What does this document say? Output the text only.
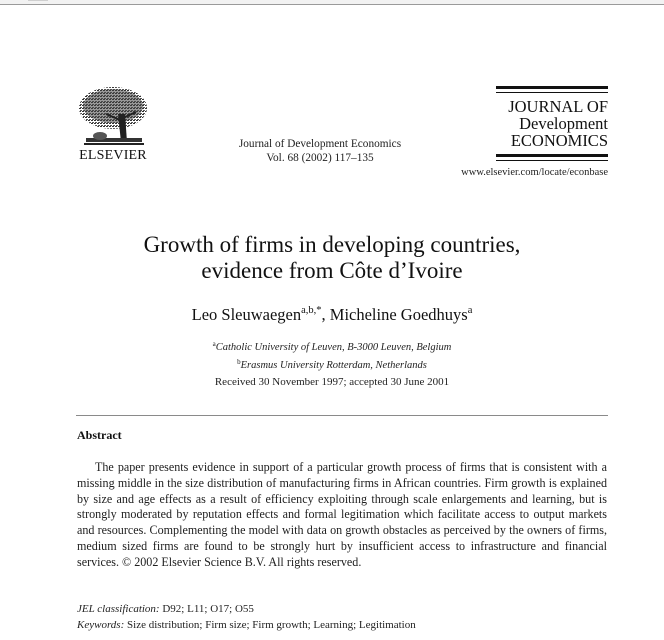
ELSEVIER
Journal of Development Economics
Vol. 68 (2002) 117–135
JOURNAL OF
Development
ECONOMICS
www.elsevier.com/locate/econbase
Growth of firms in developing countries,
evidence from Côte d’Ivoire
Leo Sleuwaegen$^{a,b,*}$, Micheline Goedhuys$^a$
$^a$Catholic University of Leuven, B-3000 Leuven, Belgium
$^b$Erasmus University Rotterdam, Netherlands
Received 30 November 1997; accepted 30 June 2001
Abstract
The paper presents evidence in support of a particular growth process of firms that is consistent with a missing middle in the size distribution of manufacturing firms in African countries. Firm growth is explained by size and age effects as a result of efficiency exploiting through scale enlargements and learning, but is strongly moderated by reputation effects and formal legitimation which facilitate access to output markets and resources. Complementing the model with data on growth obstacles as perceived by the owners of firms, medium sized firms are found to be strongly hurt by insufficient access to infrastructure and financial services. © 2002 Elsevier Science B.V. All rights reserved.
JEL classification: D92; L11; O17; O55
Keywords: Size distribution; Firm size; Firm growth; Learning; Legitimation
